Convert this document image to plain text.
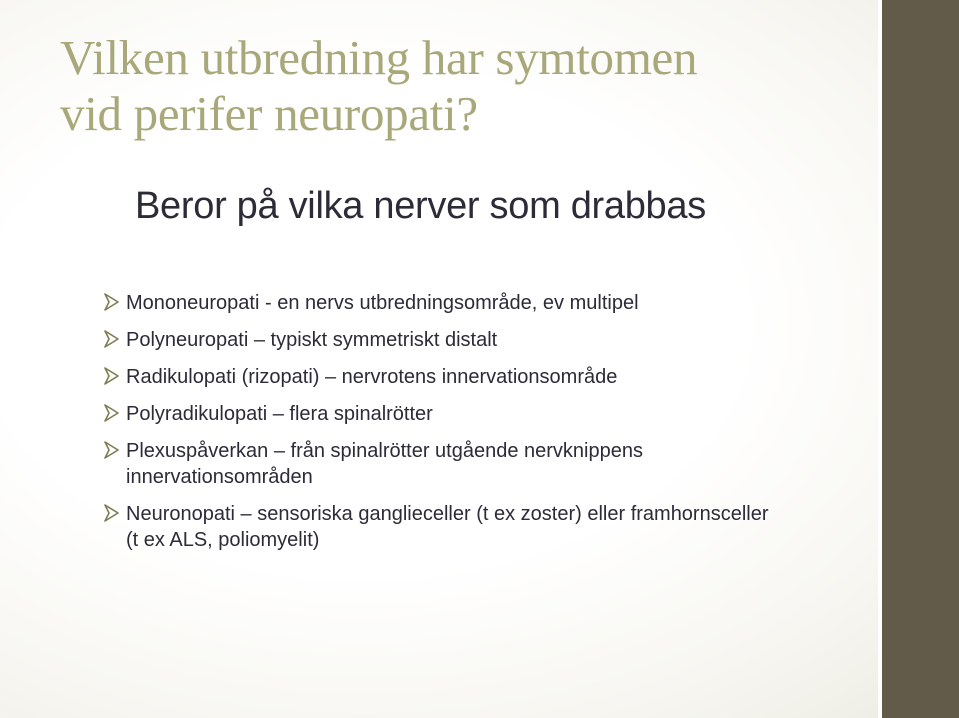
Vilken utbredning har symtomen
vid perifer neuropati?
Beror på vilka nerver som drabbas
Mononeuropati - en nervs utbredningsområde, ev multipel
Polyneuropati – typiskt symmetriskt distalt
Radikulopati (rizopati) – nervrotens innervationsområde
Polyradikulopati – flera spinalrötter
Plexuspåverkan – från spinalrötter utgående nervknippens innervationsområden
Neuronopati – sensoriska ganglieceller (t ex zoster) eller framhornsceller (t ex ALS, poliomyelit)
